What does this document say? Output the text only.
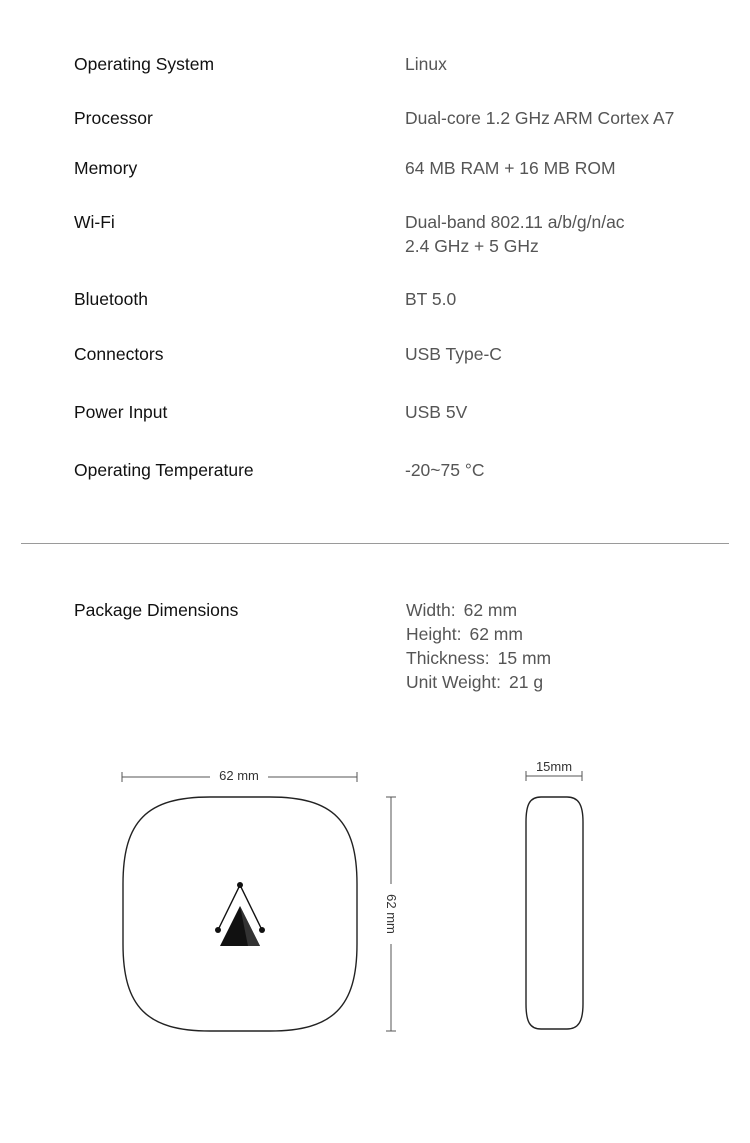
Operating System	Linux
Processor	Dual-core 1.2 GHz ARM Cortex A7
Memory	64 MB RAM + 16 MB ROM
Wi-Fi	Dual-band 802.11 a/b/g/n/ac
2.4 GHz + 5 GHz
Bluetooth	BT 5.0
Connectors	USB Type-C
Power Input	USB 5V
Operating Temperature	-20~75 °C
Package Dimensions	Width: 62 mm
Height: 62 mm
Thickness: 15 mm
Unit Weight: 21 g
62 mm
62 mm
15mm
